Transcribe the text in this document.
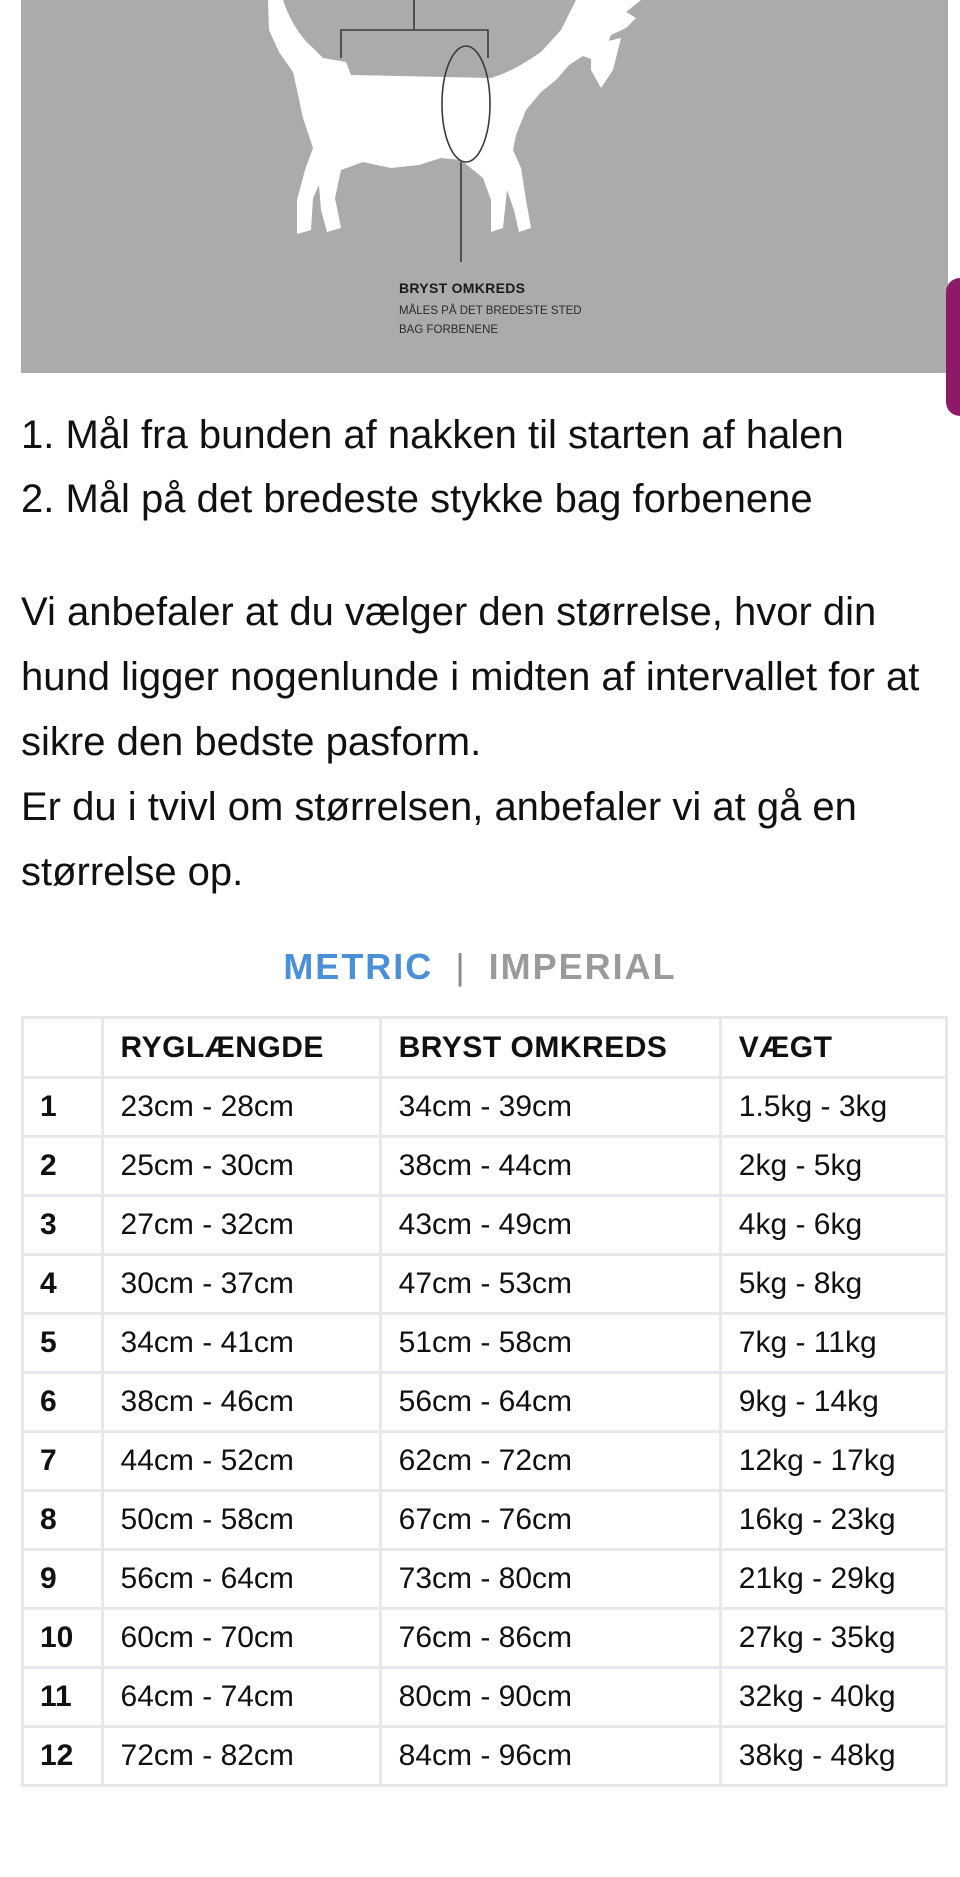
BRYST OMKREDS
MÅLES PÅ DET BREDESTE STED
BAG FORBENENE
1. Mål fra bunden af nakken til starten af halen
2. Mål på det bredeste stykke bag forbenene
Vi anbefaler at du vælger den størrelse, hvor din hund ligger nogenlunde i midten af intervallet for at sikre den bedste pasform.
Er du i tvivl om størrelsen, anbefaler vi at gå en størrelse op.
METRIC | IMPERIAL
	RYGLÆNGDE	BRYST OMKREDS	VÆGT
1	23cm - 28cm	34cm - 39cm	1.5kg - 3kg
2	25cm - 30cm	38cm - 44cm	2kg - 5kg
3	27cm - 32cm	43cm - 49cm	4kg - 6kg
4	30cm - 37cm	47cm - 53cm	5kg - 8kg
5	34cm - 41cm	51cm - 58cm	7kg - 11kg
6	38cm - 46cm	56cm - 64cm	9kg - 14kg
7	44cm - 52cm	62cm - 72cm	12kg - 17kg
8	50cm - 58cm	67cm - 76cm	16kg - 23kg
9	56cm - 64cm	73cm - 80cm	21kg - 29kg
10	60cm - 70cm	76cm - 86cm	27kg - 35kg
11	64cm - 74cm	80cm - 90cm	32kg - 40kg
12	72cm - 82cm	84cm - 96cm	38kg - 48kg
